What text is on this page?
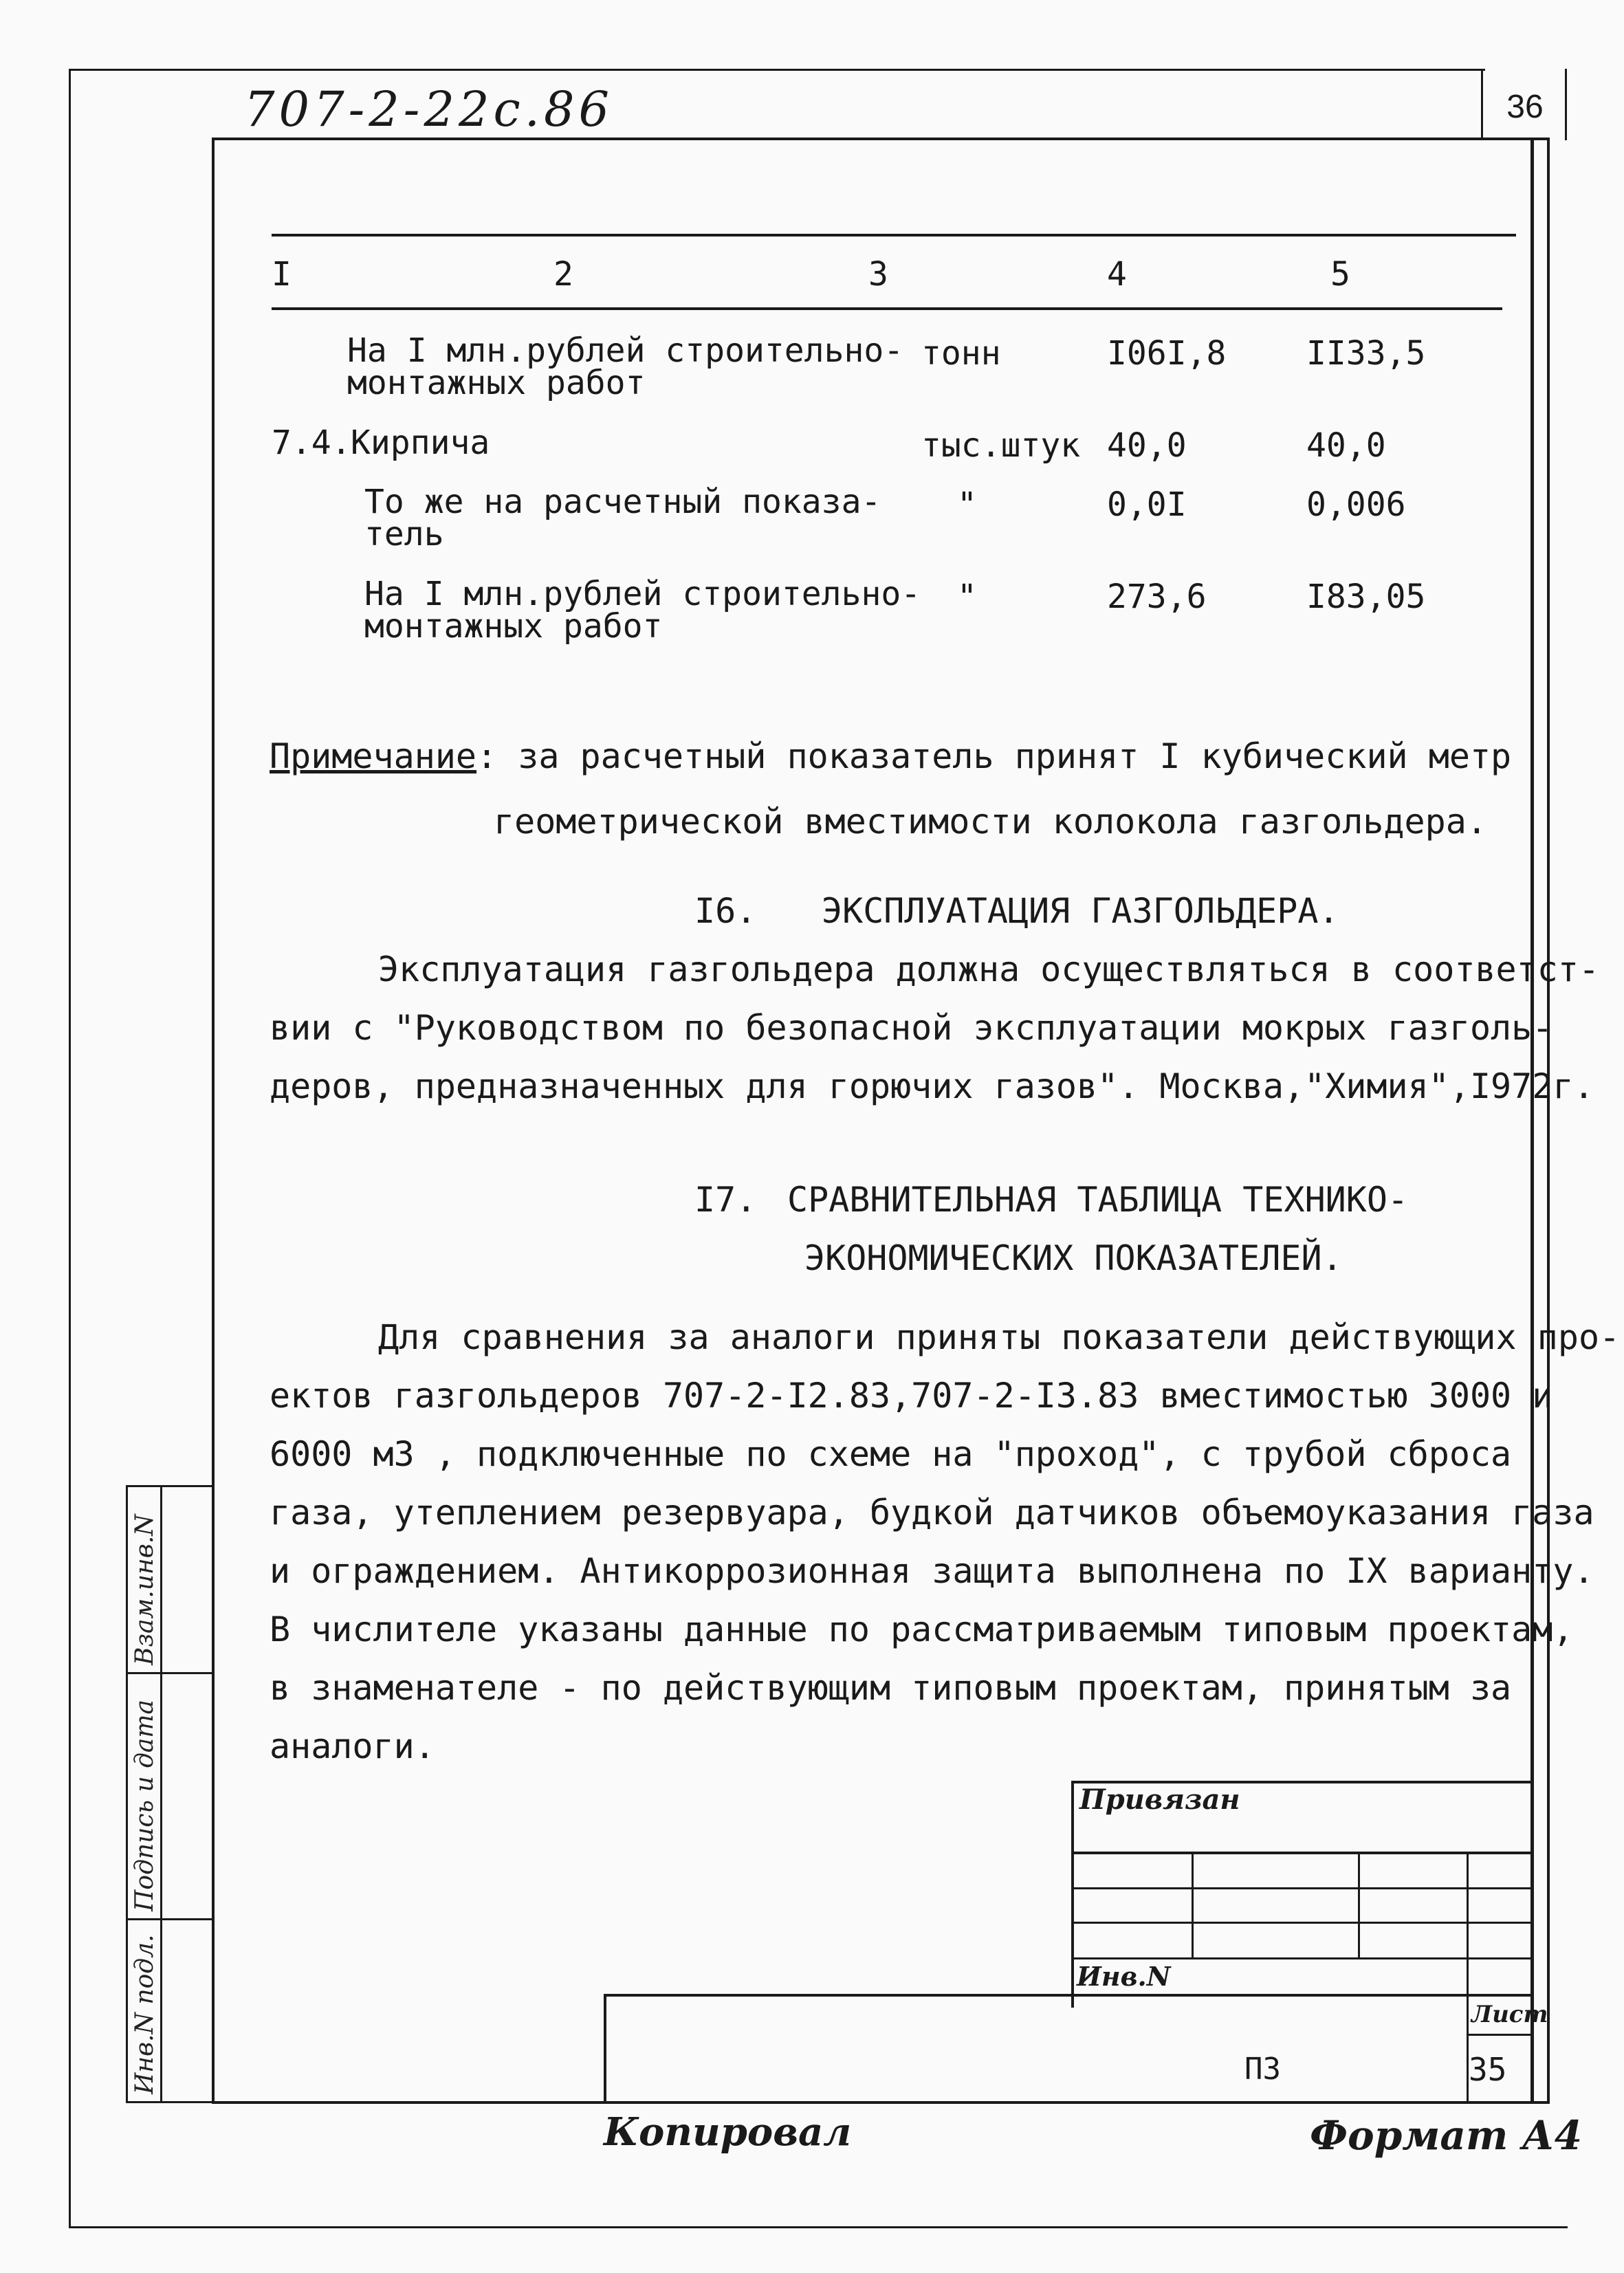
36
707-2-22с.86
I	2	3	4	5
На I млн.рублей строительно-
монтажных работ
тонн	I06I,8 II33,5
7.4. Кирпича	тыс.штук 40,0	40,0
То же на расчетный показа-
тель
"	0,0I	0,006
На I млн.рублей строительно-
монтажных работ
"	273,6	I83,05
Примечание: за расчетный показатель принят I кубический метр
геометрической вместимости колокола газгольдера.
I6. ЭКСПЛУАТАЦИЯ ГАЗГОЛЬДЕРА.
Эксплуатация газгольдера должна осуществляться в соответст-
вии с "Руководством по безопасной эксплуатации мокрых газголь-
деров, предназначенных для горючих газов". Москва,"Химия",I972г.
I7. СРАВНИТЕЛЬНАЯ ТАБЛИЦА ТЕХНИКО-
ЭКОНОМИЧЕСКИХ ПОКАЗАТЕЛЕЙ.
Для сравнения за аналоги приняты показатели действующих про-
ектов газгольдеров 707-2-I2.83,707-2-I3.83 вместимостью 3000 и
6000 м3 , подключенные по схеме на "проход", с трубой сброса
газа, утеплением резервуара, будкой датчиков объемоуказания газа
и ограждением. Антикоррозионная защита выполнена по IX варианту.
В числителе указаны данные по рассматриваемым типовым проектам,
в знаменателе - по действующим типовым проектам, принятым за
аналоги.
Привязан
Инв.N
Лист
ПЗ	35
Взам.инв.N
Подпись и дата
Инв.N подл.
Копировал	Формат А4
